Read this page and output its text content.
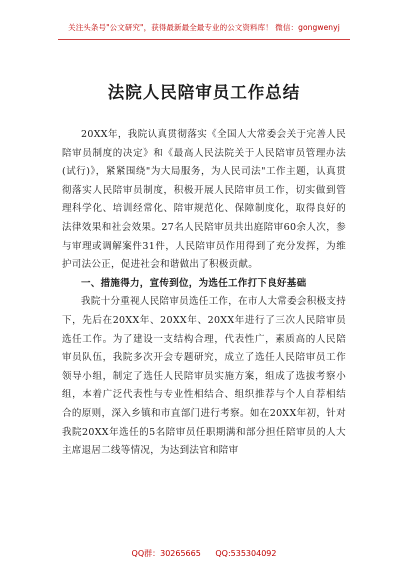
关注头条号"公文研究"，获得最新最全最专业的公文资料库！ 微信：gongwenyj
法院人民陪审员工作总结

20XX年，我院认真贯彻落实《全国人大常委会关于完善人民陪审员制度的决定》和《最高人民法院关于人民陪审员管理办法(试行)》，紧紧围绕"为大局服务，为人民司法"工作主题，认真贯彻落实人民陪审员制度，积极开展人民陪审员工作，切实做到管理科学化、培训经常化、陪审规范化、保障制度化，取得良好的法律效果和社会效果。27名人民陪审员共出庭陪审60余人次，参与审理或调解案件31件，人民陪审员作用得到了充分发挥，为维护司法公正，促进社会和谐做出了积极贡献。

一、措施得力，宣传到位，为选任工作打下良好基础

我院十分重视人民陪审员选任工作，在市人大常委会积极支持下，先后在20XX年、20XX年、20XX年进行了三次人民陪审员选任工作。为了建设一支结构合理，代表性广，素质高的人民陪审员队伍，我院多次开会专题研究，成立了选任人民陪审员工作领导小组，制定了选任人民陪审员实施方案，组成了选拔考察小组，本着广泛代表性与专业性相结合、组织推荐与个人自荐相结合的原则，深入乡镇和市直部门进行考察。如在20XX年初，针对我院20XX年选任的5名陪审员任职期满和部分担任陪审员的人大主席退居二线等情况，为达到法官和陪审

QQ群：30265665 QQ:535304092
